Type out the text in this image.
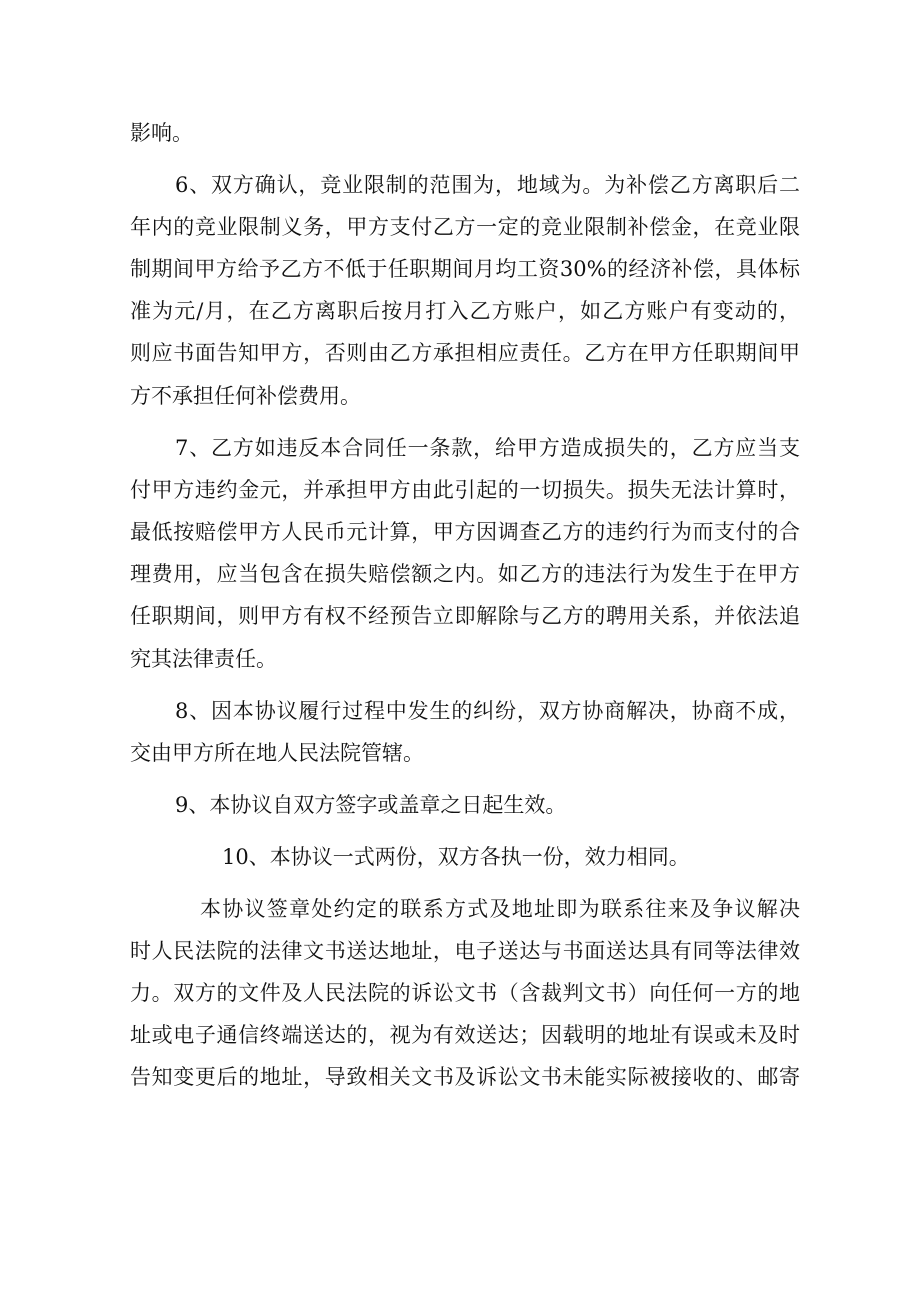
影响。
6、双方确认，竞业限制的范围为，地域为。为补偿乙方离职后二
年内的竞业限制义务，甲方支付乙方一定的竞业限制补偿金，在竞业限
制期间甲方给予乙方不低于任职期间月均工资30%的经济补偿，具体标
准为元/月，在乙方离职后按月打入乙方账户，如乙方账户有变动的，
则应书面告知甲方，否则由乙方承担相应责任。乙方在甲方任职期间甲
方不承担任何补偿费用。
7、乙方如违反本合同任一条款，给甲方造成损失的，乙方应当支
付甲方违约金元，并承担甲方由此引起的一切损失。损失无法计算时，
最低按赔偿甲方人民币元计算，甲方因调查乙方的违约行为而支付的合
理费用，应当包含在损失赔偿额之内。如乙方的违法行为发生于在甲方
任职期间，则甲方有权不经预告立即解除与乙方的聘用关系，并依法追
究其法律责任。
8、因本协议履行过程中发生的纠纷，双方协商解决，协商不成，
交由甲方所在地人民法院管辖。
9、本协议自双方签字或盖章之日起生效。
10、本协议一式两份，双方各执一份，效力相同。
本协议签章处约定的联系方式及地址即为联系往来及争议解决
时人民法院的法律文书送达地址，电子送达与书面送达具有同等法律效
力。双方的文件及人民法院的诉讼文书（含裁判文书）向任何一方的地
址或电子通信终端送达的，视为有效送达；因载明的地址有误或未及时
告知变更后的地址，导致相关文书及诉讼文书未能实际被接收的、邮寄
